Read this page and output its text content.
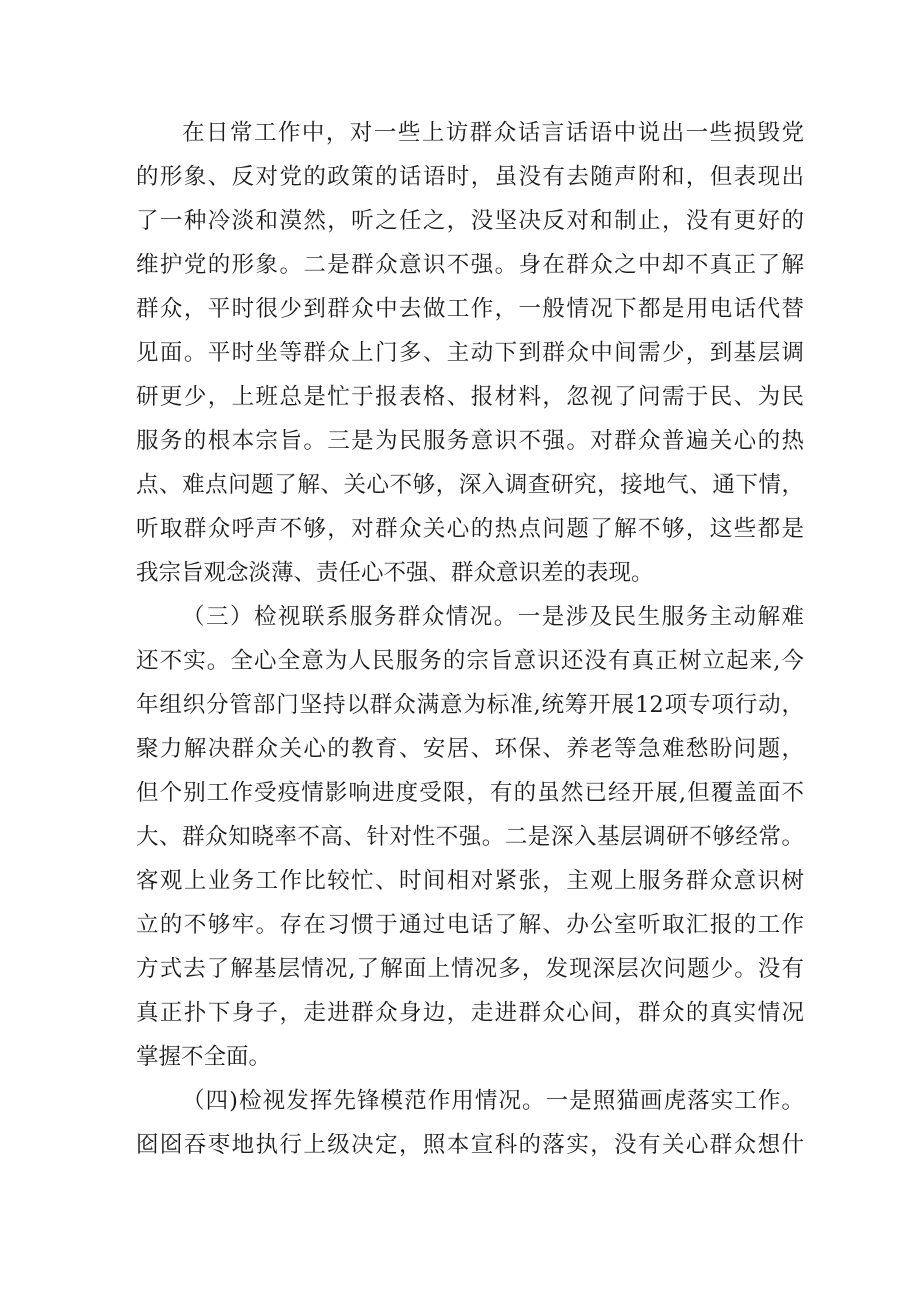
在日常工作中，对一些上访群众话言话语中说出一些损毁党
的形象、反对党的政策的话语时，虽没有去随声附和，但表现出
了一种冷淡和漠然，听之任之，没坚决反对和制止，没有更好的
维护党的形象。二是群众意识不强。身在群众之中却不真正了解
群众，平时很少到群众中去做工作，一般情况下都是用电话代替
见面。平时坐等群众上门多、主动下到群众中间需少，到基层调
研更少，上班总是忙于报表格、报材料，忽视了问需于民、为民
服务的根本宗旨。三是为民服务意识不强。对群众普遍关心的热
点、难点问题了解、关心不够，深入调查研究，接地气、通下情，
听取群众呼声不够，对群众关心的热点问题了解不够，这些都是
我宗旨观念淡薄、责任心不强、群众意识差的表现。
（三）检视联系服务群众情况。一是涉及民生服务主动解难
还不实。全心全意为人民服务的宗旨意识还没有真正树立起来,今
年组织分管部门坚持以群众满意为标准,统筹开展12项专项行动，
聚力解决群众关心的教育、安居、环保、养老等急难愁盼问题，
但个别工作受疫情影响进度受限，有的虽然已经开展,但覆盖面不
大、群众知晓率不高、针对性不强。二是深入基层调研不够经常。
客观上业务工作比较忙、时间相对紧张，主观上服务群众意识树
立的不够牢。存在习惯于通过电话了解、办公室听取汇报的工作
方式去了解基层情况,了解面上情况多，发现深层次问题少。没有
真正扑下身子，走进群众身边，走进群众心间，群众的真实情况
掌握不全面。
（四)检视发挥先锋模范作用情况。一是照猫画虎落实工作。
囵囵吞枣地执行上级决定，照本宣科的落实，没有关心群众想什
